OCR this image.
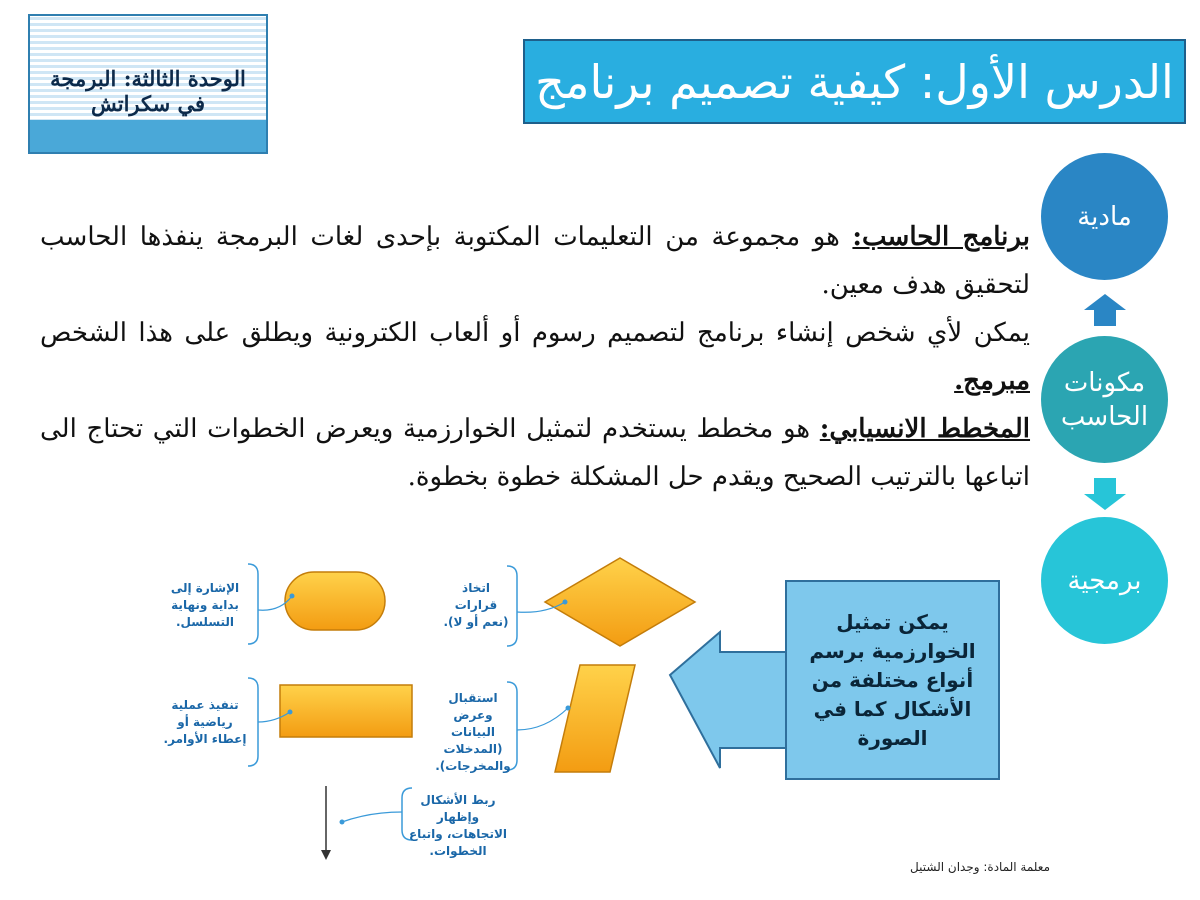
الوحدة الثالثة: البرمجة في سكراتش	الدرس الأول: كيفية تصميم برنامج

برنامج الحاسب: هو مجموعة من التعليمات المكتوبة بإحدى لغات البرمجة ينفذها الحاسب لتحقيق هدف معين.

يمكن لأي شخص إنشاء برنامج لتصميم رسوم أو ألعاب الكترونية ويطلق على هذا الشخص مبرمج.

المخطط الانسيابي: هو مخطط يستخدم لتمثيل الخوارزمية ويعرض الخطوات التي تحتاج الى اتباعها بالترتيب الصحيح ويقدم حل المشكلة خطوة بخطوة.

مادية
مكونات الحاسب
برمجية
الإشارة إلى بداية ونهاية التسلسل.
اتخاذ قرارات (نعم أو لا).
تنفيذ عملية رياضية أو إعطاء الأوامر.
استقبال وعرض البيانات (المدخلات والمخرجات).
ربط الأشكال وإظهار الاتجاهات، واتباع الخطوات.
يمكن تمثيل الخوارزمية برسم أنواع مختلفة من الأشكال كما في الصورة
معلمة المادة: وجدان الشتيل
